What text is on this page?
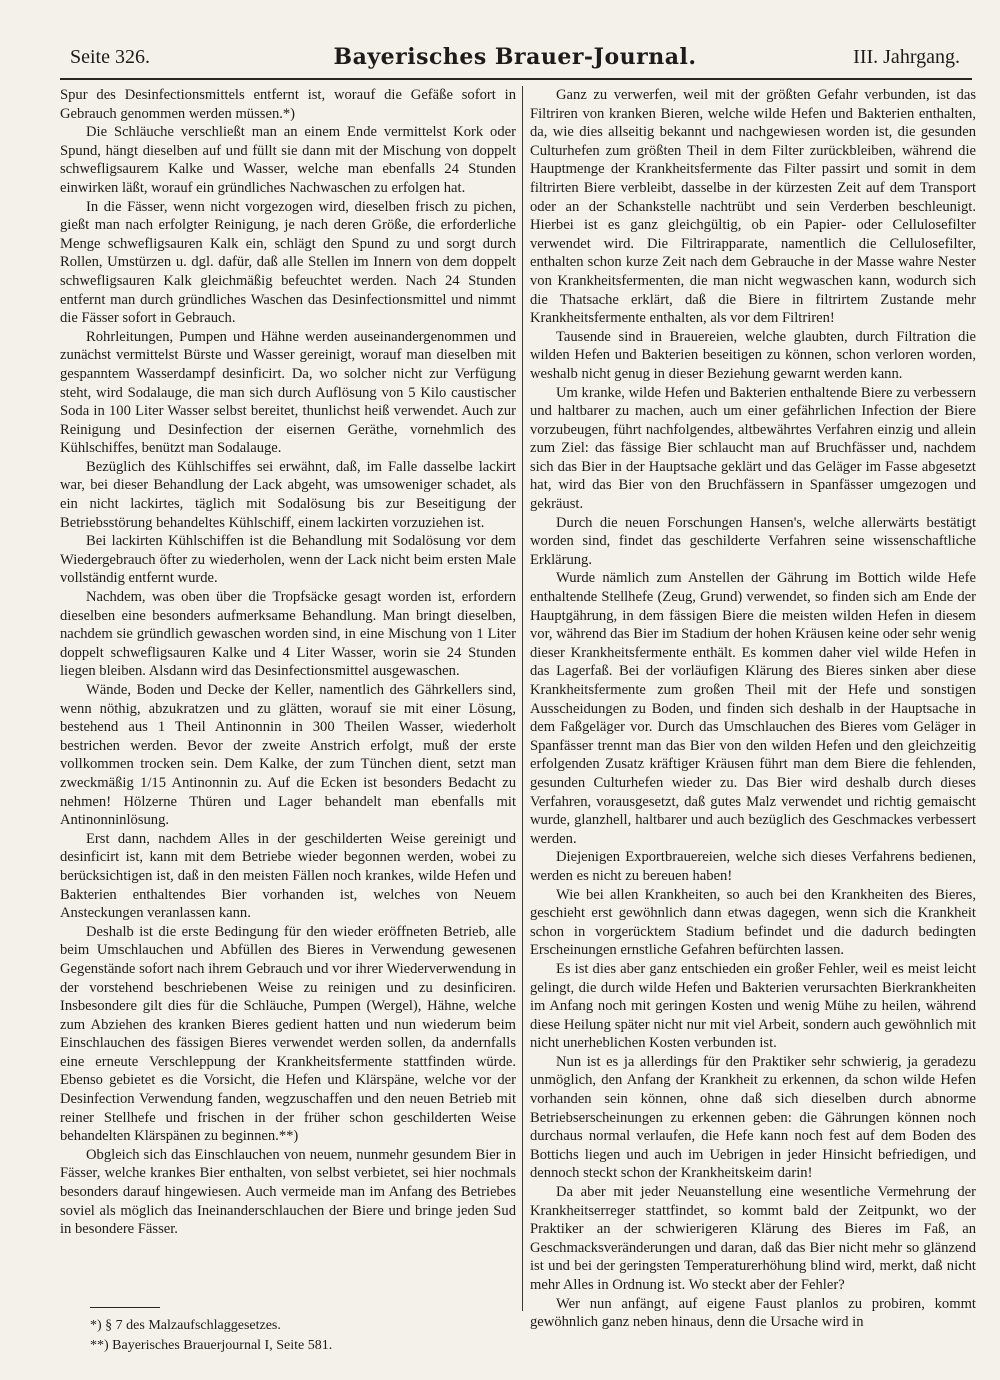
Seite 326.	Bayerisches Brauer-Journal.	III. Jahrgang.

Spur des Desinfectionsmittels entfernt ist, worauf die Gefäße sofort in Gebrauch genommen werden müssen.*)

Die Schläuche verschließt man an einem Ende vermittelst Kork oder Spund, hängt dieselben auf und füllt sie dann mit der Mischung von doppelt schwefligsaurem Kalke und Wasser, welche man ebenfalls 24 Stunden einwirken läßt, worauf ein gründliches Nachwaschen zu erfolgen hat.

In die Fässer, wenn nicht vorgezogen wird, dieselben frisch zu pichen, gießt man nach erfolgter Reinigung, je nach deren Größe, die erforderliche Menge schwefligsauren Kalk ein, schlägt den Spund zu und sorgt durch Rollen, Umstürzen u. dgl. dafür, daß alle Stellen im Innern von dem doppelt schwefligsauren Kalk gleichmäßig befeuchtet werden. Nach 24 Stunden entfernt man durch gründliches Waschen das Desinfectionsmittel und nimmt die Fässer sofort in Gebrauch.

Rohrleitungen, Pumpen und Hähne werden auseinandergenommen und zunächst vermittelst Bürste und Wasser gereinigt, worauf man dieselben mit gespanntem Wasserdampf desinficirt. Da, wo solcher nicht zur Verfügung steht, wird Sodalauge, die man sich durch Auflösung von 5 Kilo caustischer Soda in 100 Liter Wasser selbst bereitet, thunlichst heiß verwendet. Auch zur Reinigung und Desinfection der eisernen Geräthe, vornehmlich des Kühlschiffes, benützt man Sodalauge.

Bezüglich des Kühlschiffes sei erwähnt, daß, im Falle dasselbe lackirt war, bei dieser Behandlung der Lack abgeht, was umsoweniger schadet, als ein nicht lackirtes, täglich mit Sodalösung bis zur Beseitigung der Betriebsstörung behandeltes Kühlschiff, einem lackirten vorzuziehen ist.

Bei lackirten Kühlschiffen ist die Behandlung mit Sodalösung vor dem Wiedergebrauch öfter zu wiederholen, wenn der Lack nicht beim ersten Male vollständig entfernt wurde.

Nachdem, was oben über die Tropfsäcke gesagt worden ist, erfordern dieselben eine besonders aufmerksame Behandlung. Man bringt dieselben, nachdem sie gründlich gewaschen worden sind, in eine Mischung von 1 Liter doppelt schwefligsauren Kalke und 4 Liter Wasser, worin sie 24 Stunden liegen bleiben. Alsdann wird das Desinfectionsmittel ausgewaschen.

Wände, Boden und Decke der Keller, namentlich des Gährkellers sind, wenn nöthig, abzukratzen und zu glätten, worauf sie mit einer Lösung, bestehend aus 1 Theil Antinonnin in 300 Theilen Wasser, wiederholt bestrichen werden. Bevor der zweite Anstrich erfolgt, muß der erste vollkommen trocken sein. Dem Kalke, der zum Tünchen dient, setzt man zweckmäßig 1/15 Antinonnin zu. Auf die Ecken ist besonders Bedacht zu nehmen! Hölzerne Thüren und Lager behandelt man ebenfalls mit Antinonninlösung.

Erst dann, nachdem Alles in der geschilderten Weise gereinigt und desinficirt ist, kann mit dem Betriebe wieder begonnen werden, wobei zu berücksichtigen ist, daß in den meisten Fällen noch krankes, wilde Hefen und Bakterien enthaltendes Bier vorhanden ist, welches von Neuem Ansteckungen veranlassen kann.

Deshalb ist die erste Bedingung für den wieder eröffneten Betrieb, alle beim Umschlauchen und Abfüllen des Bieres in Verwendung gewesenen Gegenstände sofort nach ihrem Gebrauch und vor ihrer Wiederverwendung in der vorstehend beschriebenen Weise zu reinigen und zu desinficiren. Insbesondere gilt dies für die Schläuche, Pumpen (Wergel), Hähne, welche zum Abziehen des kranken Bieres gedient hatten und nun wiederum beim Einschlauchen des fässigen Bieres verwendet werden sollen, da andernfalls eine erneute Verschleppung der Krankheitsfermente stattfinden würde. Ebenso gebietet es die Vorsicht, die Hefen und Klärspäne, welche vor der Desinfection Verwendung fanden, wegzuschaffen und den neuen Betrieb mit reiner Stellhefe und frischen in der früher schon geschilderten Weise behandelten Klärspänen zu beginnen.**)

Obgleich sich das Einschlauchen von neuem, nunmehr gesundem Bier in Fässer, welche krankes Bier enthalten, von selbst verbietet, sei hier nochmals besonders darauf hingewiesen. Auch vermeide man im Anfang des Betriebes soviel als möglich das Ineinanderschlauchen der Biere und bringe jeden Sud in besondere Fässer.

Ganz zu verwerfen, weil mit der größten Gefahr verbunden, ist das Filtriren von kranken Bieren, welche wilde Hefen und Bakterien enthalten, da, wie dies allseitig bekannt und nachgewiesen worden ist, die gesunden Culturhefen zum größten Theil in dem Filter zurückbleiben, während die Hauptmenge der Krankheitsfermente das Filter passirt und somit in dem filtrirten Biere verbleibt, dasselbe in der kürzesten Zeit auf dem Transport oder an der Schankstelle nachtrübt und sein Verderben beschleunigt. Hierbei ist es ganz gleichgültig, ob ein Papier- oder Cellulosefilter verwendet wird. Die Filtrirapparate, namentlich die Cellulosefilter, enthalten schon kurze Zeit nach dem Gebrauche in der Masse wahre Nester von Krankheitsfermenten, die man nicht wegwaschen kann, wodurch sich die Thatsache erklärt, daß die Biere in filtrirtem Zustande mehr Krankheitsfermente enthalten, als vor dem Filtriren!

Tausende sind in Brauereien, welche glaubten, durch Filtration die wilden Hefen und Bakterien beseitigen zu können, schon verloren worden, weshalb nicht genug in dieser Beziehung gewarnt werden kann.

Um kranke, wilde Hefen und Bakterien enthaltende Biere zu verbessern und haltbarer zu machen, auch um einer gefährlichen Infection der Biere vorzubeugen, führt nachfolgendes, altbewährtes Verfahren einzig und allein zum Ziel: das fässige Bier schlaucht man auf Bruchfässer und, nachdem sich das Bier in der Hauptsache geklärt und das Geläger im Fasse abgesetzt hat, wird das Bier von den Bruchfässern in Spanfässer umgezogen und gekräust.

Durch die neuen Forschungen Hansen's, welche allerwärts bestätigt worden sind, findet das geschilderte Verfahren seine wissenschaftliche Erklärung.

Wurde nämlich zum Anstellen der Gährung im Bottich wilde Hefe enthaltende Stellhefe (Zeug, Grund) verwendet, so finden sich am Ende der Hauptgährung, in dem fässigen Biere die meisten wilden Hefen in diesem vor, während das Bier im Stadium der hohen Kräusen keine oder sehr wenig dieser Krankheitsfermente enthält. Es kommen daher viel wilde Hefen in das Lagerfaß. Bei der vorläufigen Klärung des Bieres sinken aber diese Krankheitsfermente zum großen Theil mit der Hefe und sonstigen Ausscheidungen zu Boden, und finden sich deshalb in der Hauptsache in dem Faßgeläger vor. Durch das Umschlauchen des Bieres vom Geläger in Spanfässer trennt man das Bier von den wilden Hefen und den gleichzeitig erfolgenden Zusatz kräftiger Kräusen führt man dem Biere die fehlenden, gesunden Culturhefen wieder zu. Das Bier wird deshalb durch dieses Verfahren, vorausgesetzt, daß gutes Malz verwendet und richtig gemaischt wurde, glanzhell, haltbarer und auch bezüglich des Geschmackes verbessert werden.

Diejenigen Exportbrauereien, welche sich dieses Verfahrens bedienen, werden es nicht zu bereuen haben!

Wie bei allen Krankheiten, so auch bei den Krankheiten des Bieres, geschieht erst gewöhnlich dann etwas dagegen, wenn sich die Krankheit schon in vorgerücktem Stadium befindet und die dadurch bedingten Erscheinungen ernstliche Gefahren befürchten lassen.

Es ist dies aber ganz entschieden ein großer Fehler, weil es meist leicht gelingt, die durch wilde Hefen und Bakterien verursachten Bierkrankheiten im Anfang noch mit geringen Kosten und wenig Mühe zu heilen, während diese Heilung später nicht nur mit viel Arbeit, sondern auch gewöhnlich mit nicht unerheblichen Kosten verbunden ist.

Nun ist es ja allerdings für den Praktiker sehr schwierig, ja geradezu unmöglich, den Anfang der Krankheit zu erkennen, da schon wilde Hefen vorhanden sein können, ohne daß sich dieselben durch abnorme Betriebserscheinungen zu erkennen geben: die Gährungen können noch durchaus normal verlaufen, die Hefe kann noch fest auf dem Boden des Bottichs liegen und auch im Uebrigen in jeder Hinsicht befriedigen, und dennoch steckt schon der Krankheitskeim darin!

Da aber mit jeder Neuanstellung eine wesentliche Vermehrung der Krankheitserreger stattfindet, so kommt bald der Zeitpunkt, wo der Praktiker an der schwierigeren Klärung des Bieres im Faß, an Geschmacksveränderungen und daran, daß das Bier nicht mehr so glänzend ist und bei der geringsten Temperaturerhöhung blind wird, merkt, daß nicht mehr Alles in Ordnung ist. Wo steckt aber der Fehler?

Wer nun anfängt, auf eigene Faust planlos zu probiren, kommt gewöhnlich ganz neben hinaus, denn die Ursache wird in

*) § 7 des Malzaufschlaggesetzes.
**) Bayerisches Brauerjournal I, Seite 581.
